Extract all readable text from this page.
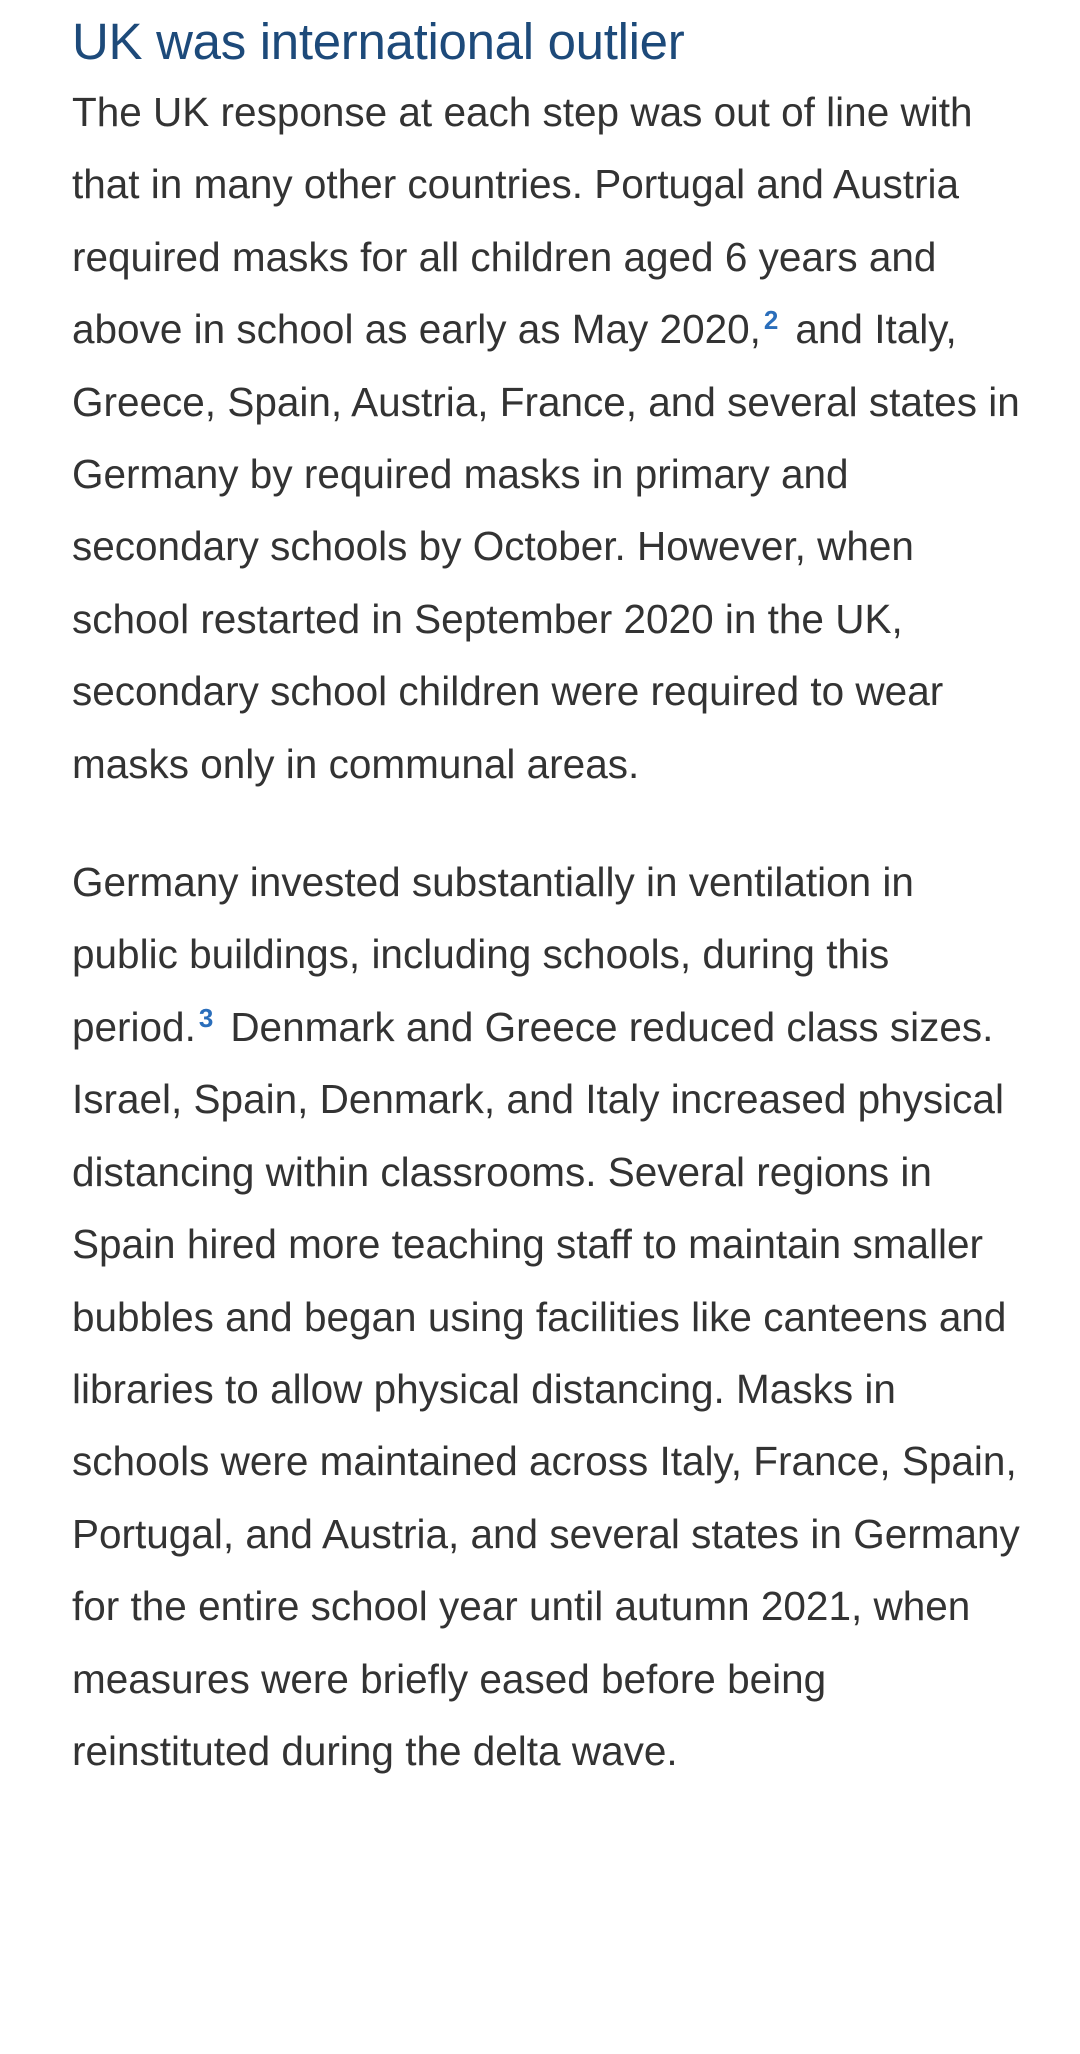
UK was international outlier

The UK response at each step was out of line with that in many other countries. Portugal and Austria required masks for all children aged 6 years and above in school as early as May 2020, $^2$ and Italy, Greece, Spain, Austria, France, and several states in Germany by required masks in primary and secondary schools by October. However, when school restarted in September 2020 in the UK, secondary school children were required to wear masks only in communal areas.

Germany invested substantially in ventilation in public buildings, including schools, during this period. $^3$ Denmark and Greece reduced class sizes. Israel, Spain, Denmark, and Italy increased physical distancing within classrooms. Several regions in Spain hired more teaching staff to maintain smaller bubbles and began using facilities like canteens and libraries to allow physical distancing. Masks in schools were maintained across Italy, France, Spain, Portugal, and Austria, and several states in Germany for the entire school year until autumn 2021, when measures were briefly eased before being reinstituted during the delta wave.
